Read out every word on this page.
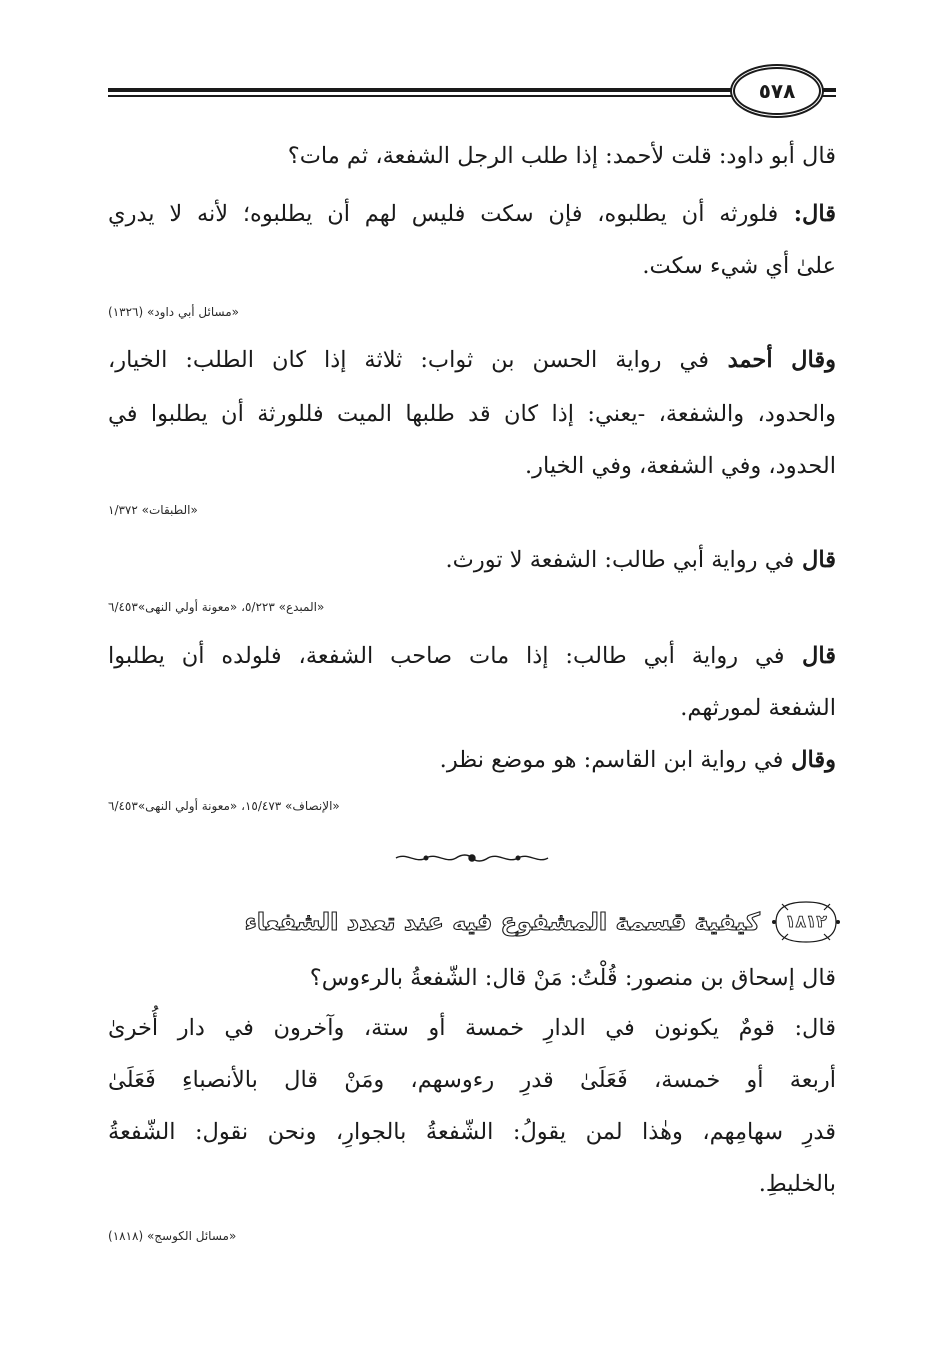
٥٧٨
قال أبو داود: قلت لأحمد: إذا طلب الرجل الشفعة، ثم مات؟
قال: فلورثه أن يطلبوه، فإن سكت فليس لهم أن يطلبوه؛ لأنه لا يدري
علىٰ أي شيء سكت.
«مسائل أبي داود» (١٣٢٦)
وقال أحمد في رواية الحسن بن ثواب: ثلاثة إذا كان الطلب: الخيار،
والحدود، والشفعة، -يعني: إذا كان قد طلبها الميت فللورثة أن يطلبوا في
الحدود، وفي الشفعة، وفي الخيار.
«الطبقات» ١/٣٧٢
قال في رواية أبي طالب: الشفعة لا تورث.
«المبدع» ٥/٢٢٣، «معونة أولي النهى»٦/٤٥٣
قال في رواية أبي طالب: إذا مات صاحب الشفعة، فلولده أن يطلبوا
الشفعة لمورثهم.
وقال في رواية ابن القاسم: هو موضع نظر.
«الإنصاف» ١٥/٤٧٣، «معونة أولي النهى»٦/٤٥٣
١٨١٢
كيفية قسمة المشفوع فيه عند تعدد الشفعاء
قال إسحاق بن منصور: قُلْتُ: مَنْ قال: الشّفعةُ بالرءوس؟
قال: قومٌ يكونون في الدارِ خمسة أو ستة، وآخرون في دار أُخرىٰ
أربعة أو خمسة، فَعَلَىٰ قدرِ رءوسهم، ومَنْ قال بالأنصباءِ فَعَلَىٰ
قدرِ سهامِهم، وهٰذا لمن يقولُ: الشّفعةُ بالجوارِ، ونحن نقول: الشّفعةُ
بالخليطِ.
«مسائل الكوسج» (١٨١٨)
